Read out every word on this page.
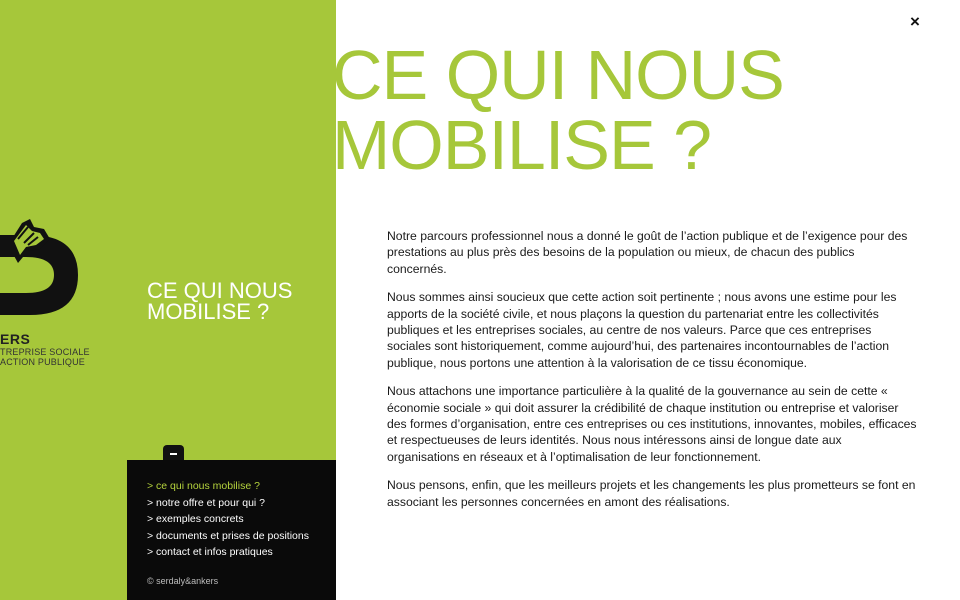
ERS
TREPRISE SOCIALE
ACTION PUBLIQUE
CE QUI NOUS
MOBILISE ?
> ce qui nous mobilise ?
> notre offre et pour qui ?
> exemples concrets
> documents et prises de positions
> contact et infos pratiques
© serdaly&ankers
CE QUI NOUS
MOBILISE ?
×

Notre parcours professionnel nous a donné le goût de l’action publique et de l’exigence pour des prestations au plus près des besoins de la population ou mieux, de chacun des publics concernés.

Nous sommes ainsi soucieux que cette action soit pertinente ; nous avons une estime pour les apports de la société civile, et nous plaçons la question du partenariat entre les collectivités publiques et les entreprises sociales, au centre de nos valeurs. Parce que ces entreprises sociales sont historiquement, comme aujourd’hui, des partenaires incontournables de l’action publique, nous portons une attention à la valorisation de ce tissu économique.

Nous attachons une importance particulière à la qualité de la gouvernance au sein de cette « économie sociale » qui doit assurer la crédibilité de chaque institution ou entreprise et valoriser des formes d’organisation, entre ces entreprises ou ces institutions, innovantes, mobiles, efficaces et respectueuses de leurs identités. Nous nous intéressons ainsi de longue date aux organisations en réseaux et à l’optimalisation de leur fonctionnement.

Nous pensons, enfin, que les meilleurs projets et les changements les plus prometteurs se font en associant les personnes concernées en amont des réalisations.
